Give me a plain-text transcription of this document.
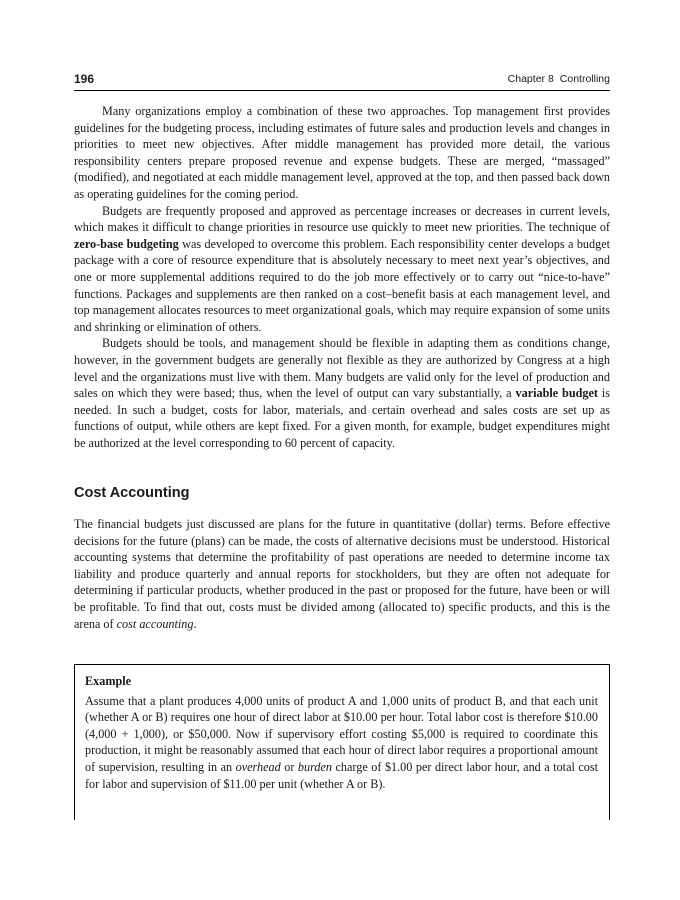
196	Chapter 8 Controlling

Many organizations employ a combination of these two approaches. Top management first provides guidelines for the budgeting process, including estimates of future sales and production levels and changes in priorities to meet new objectives. After middle management has provided more detail, the various responsibility centers prepare proposed revenue and expense budgets. These are merged, “massaged” (modified), and negotiated at each middle management level, approved at the top, and then passed back down as operating guidelines for the coming period.

Budgets are frequently proposed and approved as percentage increases or decreases in current levels, which makes it difficult to change priorities in resource use quickly to meet new priorities. The technique of zero-base budgeting was developed to overcome this problem. Each responsibility center develops a budget package with a core of resource expenditure that is absolutely necessary to meet next year’s objectives, and one or more supplemental additions required to do the job more effectively or to carry out “nice-to-have” functions. Packages and supplements are then ranked on a cost–benefit basis at each management level, and top management allocates resources to meet organizational goals, which may require expansion of some units and shrinking or elimination of others.

Budgets should be tools, and management should be flexible in adapting them as conditions change, however, in the government budgets are generally not flexible as they are authorized by Congress at a high level and the organizations must live with them. Many budgets are valid only for the level of production and sales on which they were based; thus, when the level of output can vary substantially, a variable budget is needed. In such a budget, costs for labor, materials, and certain overhead and sales costs are set up as functions of output, while others are kept fixed. For a given month, for example, budget expenditures might be authorized at the level corresponding to 60 percent of capacity.

Cost Accounting

The financial budgets just discussed are plans for the future in quantitative (dollar) terms. Before effective decisions for the future (plans) can be made, the costs of alternative decisions must be understood. Historical accounting systems that determine the profitability of past operations are needed to determine income tax liability and produce quarterly and annual reports for stockholders, but they are often not adequate for determining if particular products, whether produced in the past or proposed for the future, have been or will be profitable. To find that out, costs must be divided among (allocated to) specific products, and this is the arena of cost accounting.

Example

Assume that a plant produces 4,000 units of product A and 1,000 units of product B, and that each unit (whether A or B) requires one hour of direct labor at $10.00 per hour. Total labor cost is therefore $10.00 (4,000 + 1,000), or $50,000. Now if supervisory effort costing $5,000 is required to coordinate this production, it might be reasonably assumed that each hour of direct labor requires a proportional amount of supervision, resulting in an overhead or burden charge of $1.00 per direct labor hour, and a total cost for labor and supervision of $11.00 per unit (whether A or B).
